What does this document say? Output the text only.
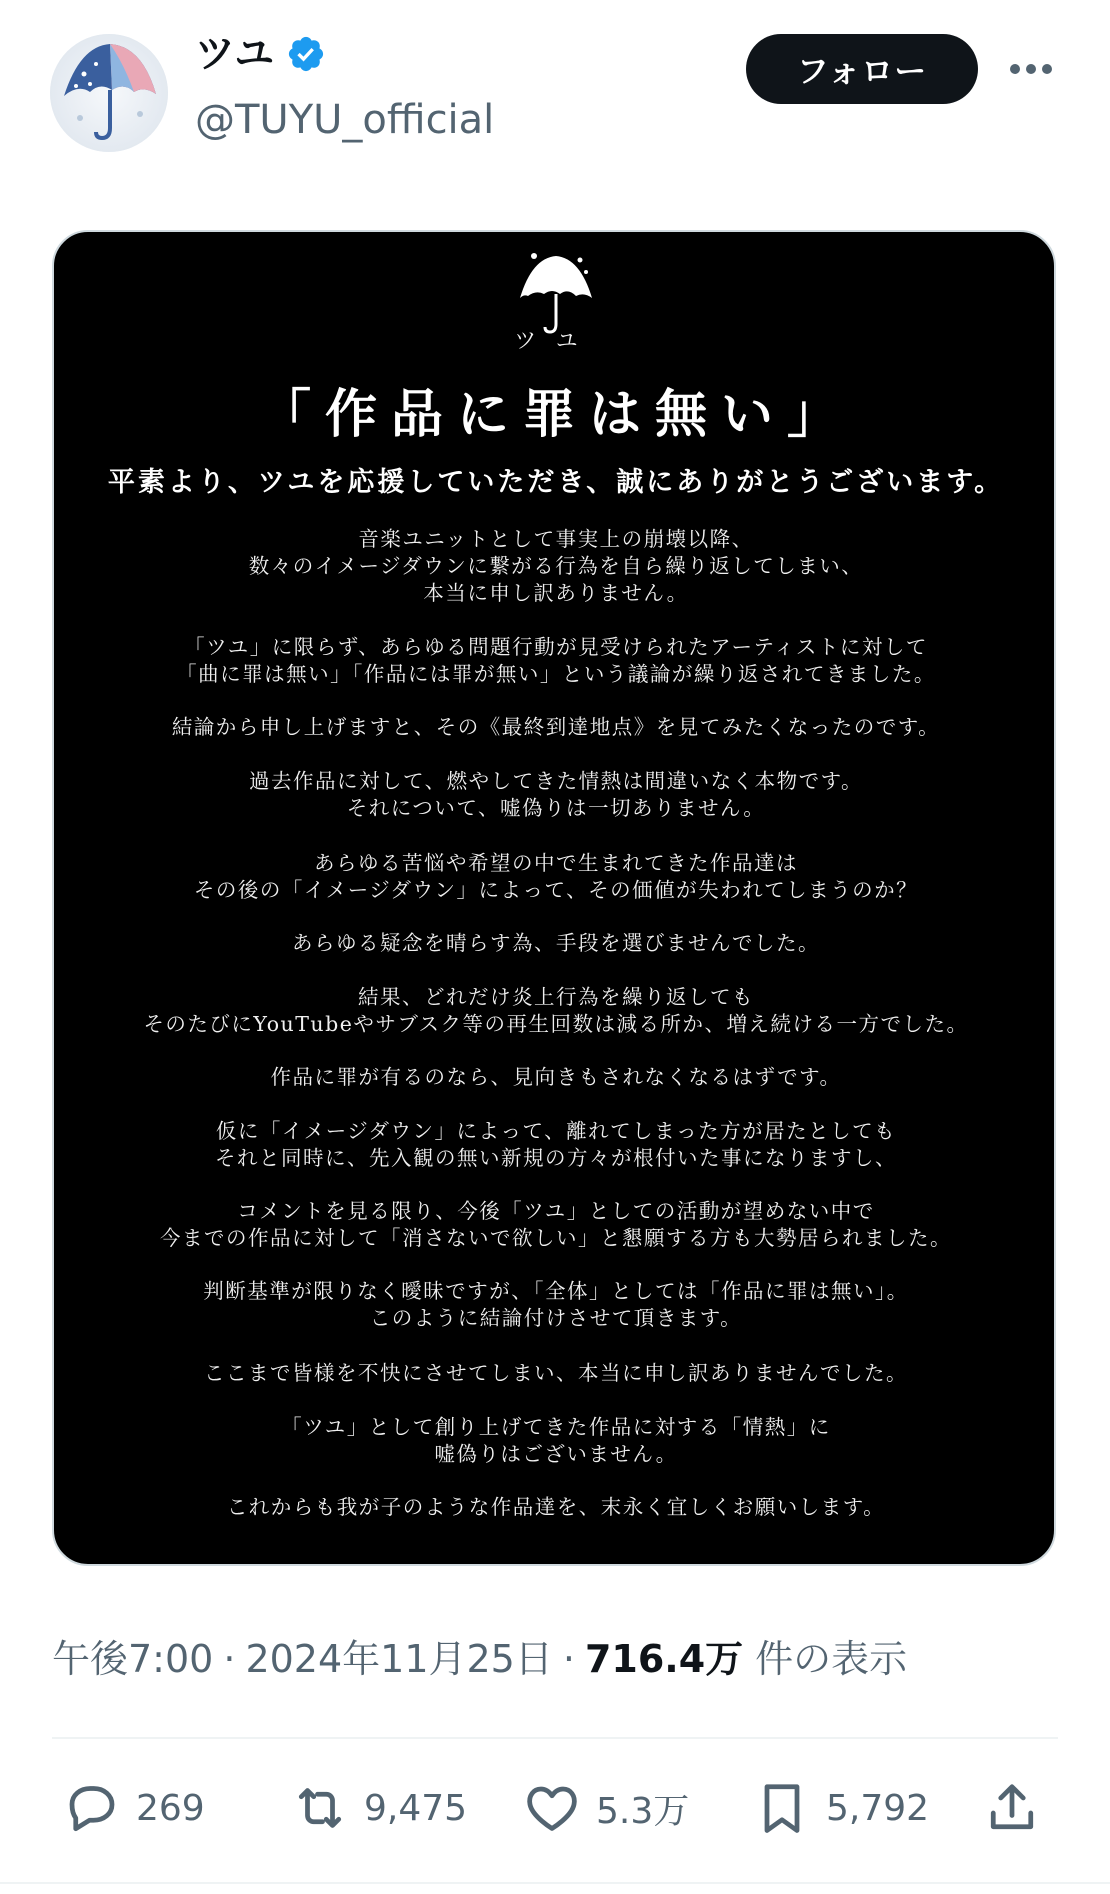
ツユ
@TUYU_official
フォロー
ツユ
「作品に罪は無い」
平素より、ツユを応援していただき、誠にありがとうございます。
音楽ユニットとして事実上の崩壊以降、
数々のイメージダウンに繋がる行為を自ら繰り返してしまい、
本当に申し訳ありません。
「ツユ」に限らず、あらゆる問題行動が見受けられたアーティストに対して
「曲に罪は無い」「作品には罪が無い」という議論が繰り返されてきました。
結論から申し上げますと、その《最終到達地点》を見てみたくなったのです。
過去作品に対して、燃やしてきた情熱は間違いなく本物です。
それについて、嘘偽りは一切ありません。
あらゆる苦悩や希望の中で生まれてきた作品達は
その後の「イメージダウン」によって、その価値が失われてしまうのか？
あらゆる疑念を晴らす為、手段を選びませんでした。
結果、どれだけ炎上行為を繰り返しても
そのたびにYouTubeやサブスク等の再生回数は減る所か、増え続ける一方でした。
作品に罪が有るのなら、見向きもされなくなるはずです。
仮に「イメージダウン」によって、離れてしまった方が居たとしても
それと同時に、先入観の無い新規の方々が根付いた事になりますし、
コメントを見る限り、今後「ツユ」としての活動が望めない中で
今までの作品に対して「消さないで欲しい」と懇願する方も大勢居られました。
判断基準が限りなく曖昧ですが、「全体」としては「作品に罪は無い」。
このように結論付けさせて頂きます。
ここまで皆様を不快にさせてしまい、本当に申し訳ありませんでした。
「ツユ」として創り上げてきた作品に対する「情熱」に
嘘偽りはございません。
これからも我が子のような作品達を、末永く宜しくお願いします。
午後7:00 · 2024年11月25日 · 716.4万 件の表示
269	9,475	5.3万	5,792
